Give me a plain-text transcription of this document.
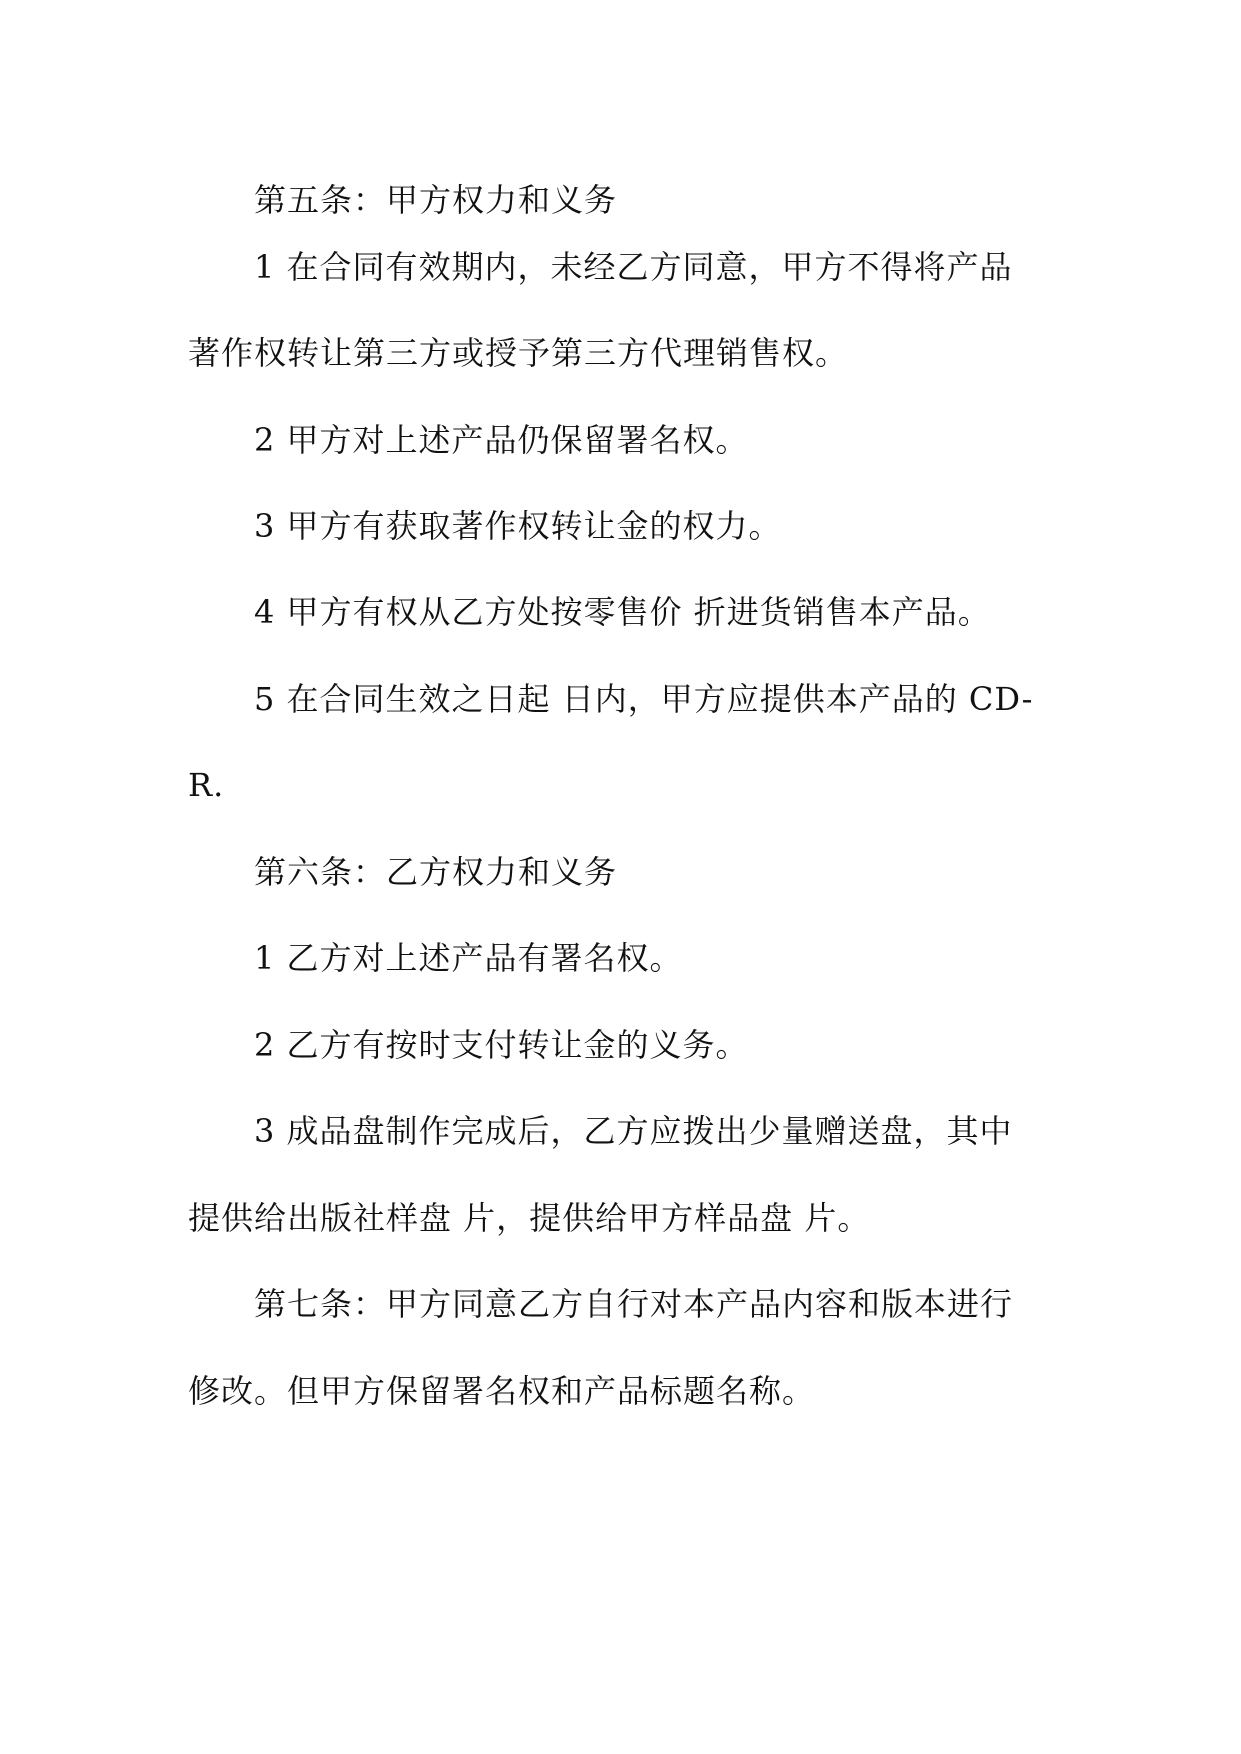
第五条：甲方权力和义务
1 在合同有效期内，未经乙方同意，甲方不得将产品
著作权转让第三方或授予第三方代理销售权。
2 甲方对上述产品仍保留署名权。
3 甲方有获取著作权转让金的权力。
4 甲方有权从乙方处按零售价 折进货销售本产品。
5 在合同生效之日起 日内，甲方应提供本产品的 CD-
R.
第六条：乙方权力和义务
1 乙方对上述产品有署名权。
2 乙方有按时支付转让金的义务。
3 成品盘制作完成后，乙方应拨出少量赠送盘，其中
提供给出版社样盘 片，提供给甲方样品盘 片。
第七条：甲方同意乙方自行对本产品内容和版本进行
修改。但甲方保留署名权和产品标题名称。
